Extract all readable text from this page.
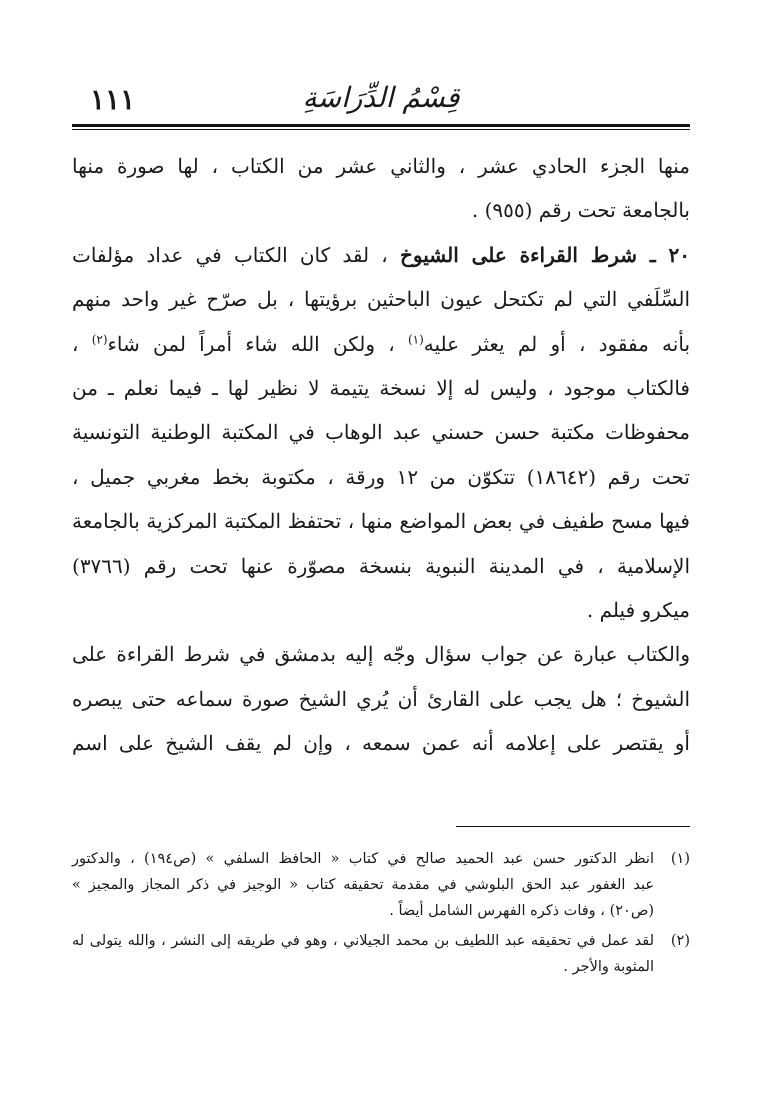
قِسْمُ الدِّرَاسَةِ
١١١
منها الجزء الحادي عشر ، والثاني عشر من الكتاب ، لها صورة منها
بالجامعة تحت رقم (٩٥٥) .
٢٠ ـ شرط القراءة على الشيوخ ، لقد كان الكتاب في عداد مؤلفات
السِّلَفي التي لم تكتحل عيون الباحثين برؤيتها ، بل صرّح غير واحد منهم
بأنه مفقود ، أو لم يعثر عليه$^{(١)}$ ، ولكن الله شاء أمراً لمن شاء$^{(٢)}$ ،
فالكتاب موجود ، وليس له إلا نسخة يتيمة لا نظير لها ـ فيما نعلم ـ من
محفوظات مكتبة حسن حسني عبد الوهاب في المكتبة الوطنية التونسية
تحت رقم (١٨٦٤٢) تتكوّن من ١٢ ورقة ، مكتوبة بخط مغربي جميل ،
فيها مسح طفيف في بعض المواضع منها ، تحتفظ المكتبة المركزية بالجامعة
الإسلامية ، في المدينة النبوية بنسخة مصوّرة عنها تحت رقم (٣٧٦٦)
ميكرو فيلم .
والكتاب عبارة عن جواب سؤال وجّه إليه بدمشق في شرط القراءة على
الشيوخ ؛ هل يجب على القارئ أن يُري الشيخ صورة سماعه حتى يبصره
أو يقتصر على إعلامه أنه عمن سمعه ، وإن لم يقف الشيخ على اسم
(١)
انظر الدكتور حسن عبد الحميد صالح في كتاب « الحافظ السلفي » (ص١٩٤) ، والدكتور
عبد الغفور عبد الحق البلوشي في مقدمة تحقيقه كتاب « الوجيز في ذكر المجاز والمجيز »
(ص٢٠) ، وفات ذكره الفهرس الشامل أيضاً .
(٢)
لقد عمل في تحقيقه عبد اللطيف بن محمد الجيلاني ، وهو في طريقه إلى النشر ، والله يتولى له
المثوبة والأجر .
